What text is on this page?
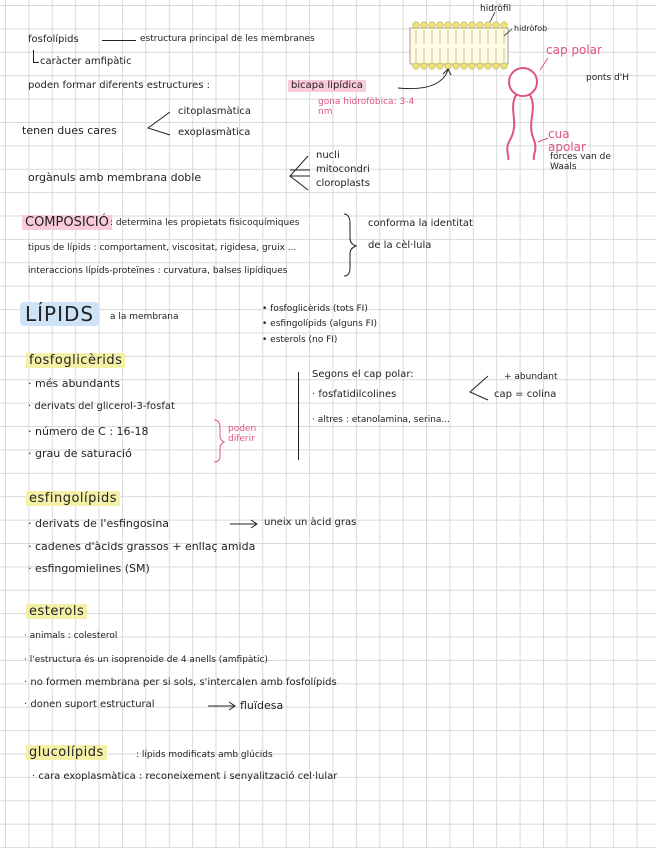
fosfolípids	estructura principal de les membranes
caràcter amfipàtic
poden formar diferents estructures :	bicapa lipídica
gona hidrofòbica: 3-4 nm
tenen dues cares
citoplasmàtica
exoplasmàtica
orgànuls amb membrana doble
nucli
mitocondri
cloroplasts
hidròfil
hidròfob
cap polar
ponts d'H
cua apolar
forces van de Waals
COMPOSICIÓ : determina les propietats fisicoquímiques
tipus de lípids : comportament, viscositat, rigidesa, gruix ...
interaccions lípids-proteïnes : curvatura, balses lipídiques
conforma la identitat
de la cèl·lula
LÍPIDS	a la membrana
• fosfoglicèrids (tots FI)
• esfingolípids (alguns FI)
• esterols (no FI)
fosfoglicèrids
· més abundants
· derivats del glicerol-3-fosfat
· número de C : 16-18
· grau de saturació
poden diferir
Segons el cap polar:
· fosfatidilcolines
+ abundant
cap = colina
· altres : etanolamina, serina...
esfingolípids
· derivats de l'esfingosina	uneix un àcid gras
· cadenes d'àcids grassos + enllaç amida
· esfingomielines (SM)
esterols
· animals : colesterol
· l'estructura és un isoprenoide de 4 anells (amfipàtic)
· no formen membrana per si sols, s'intercalen amb fosfolípids
· donen suport estructural	fluïdesa
glucolípids	: lípids modificats amb glúcids
· cara exoplasmàtica : reconeixement i senyalització cel·lular
